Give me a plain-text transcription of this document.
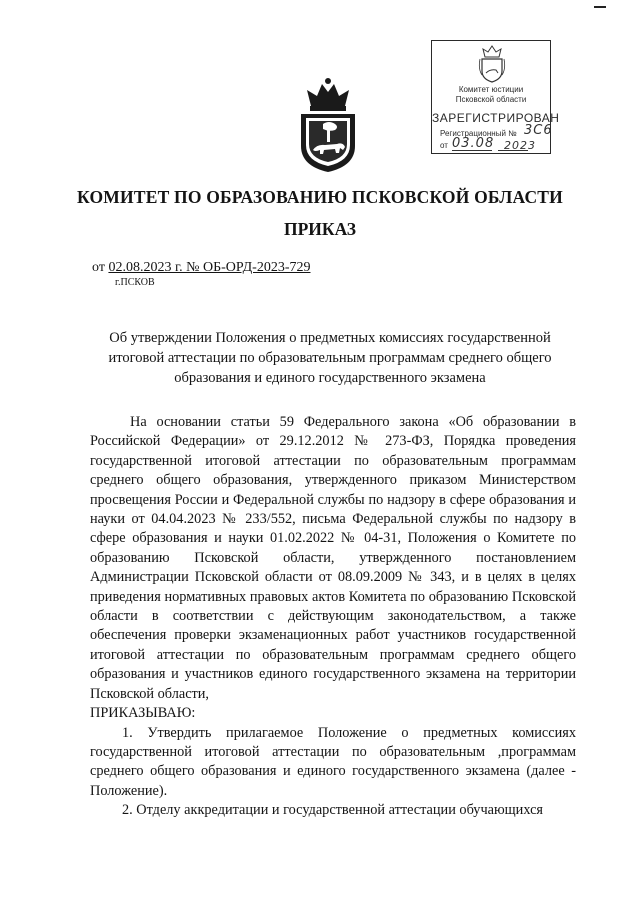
Комитет юстиции
Псковской области
ЗАРЕГИСТРИРОВАН
Регистрационный № 3С6
от 03.08 2023
КОМИТЕТ ПО ОБРАЗОВАНИЮ ПСКОВСКОЙ ОБЛАСТИ
ПРИКАЗ
от 02.08.2023 г. № ОБ-ОРД-2023-729
г.ПСКОВ
Об утверждении Положения о предметных комиссиях государственной итоговой аттестации по образовательным программам среднего общего образования и единого государственного экзамена

На основании статьи 59 Федерального закона «Об образовании в Российской Федерации» от 29.12.2012 № 273-ФЗ, Порядка проведения государственной итоговой аттестации по образовательным программам среднего общего образования, утвержденного приказом Министерством просвещения России и Федеральной службы по надзору в сфере образования и науки от 04.04.2023 № 233/552, письма Федеральной службы по надзору в сфере образования и науки 01.02.2022 № 04-31, Положения о Комитете по образованию Псковской области, утвержденного постановлением Администрации Псковской области от 08.09.2009 № 343, и в целях в целях приведения нормативных правовых актов Комитета по образованию Псковской области в соответствии с действующим законодательством, а также обеспечения проверки экзаменационных работ участников государственной итоговой аттестации по образовательным программам среднего общего образования и участников единого государственного экзамена на территории Псковской области,

ПРИКАЗЫВАЮ:

1. Утвердить прилагаемое Положение о предметных комиссиях государственной итоговой аттестации по образовательным ,программам среднего общего образования и единого государственного экзамена (далее - Положение).

2. Отделу аккредитации и государственной аттестации обучающихся
